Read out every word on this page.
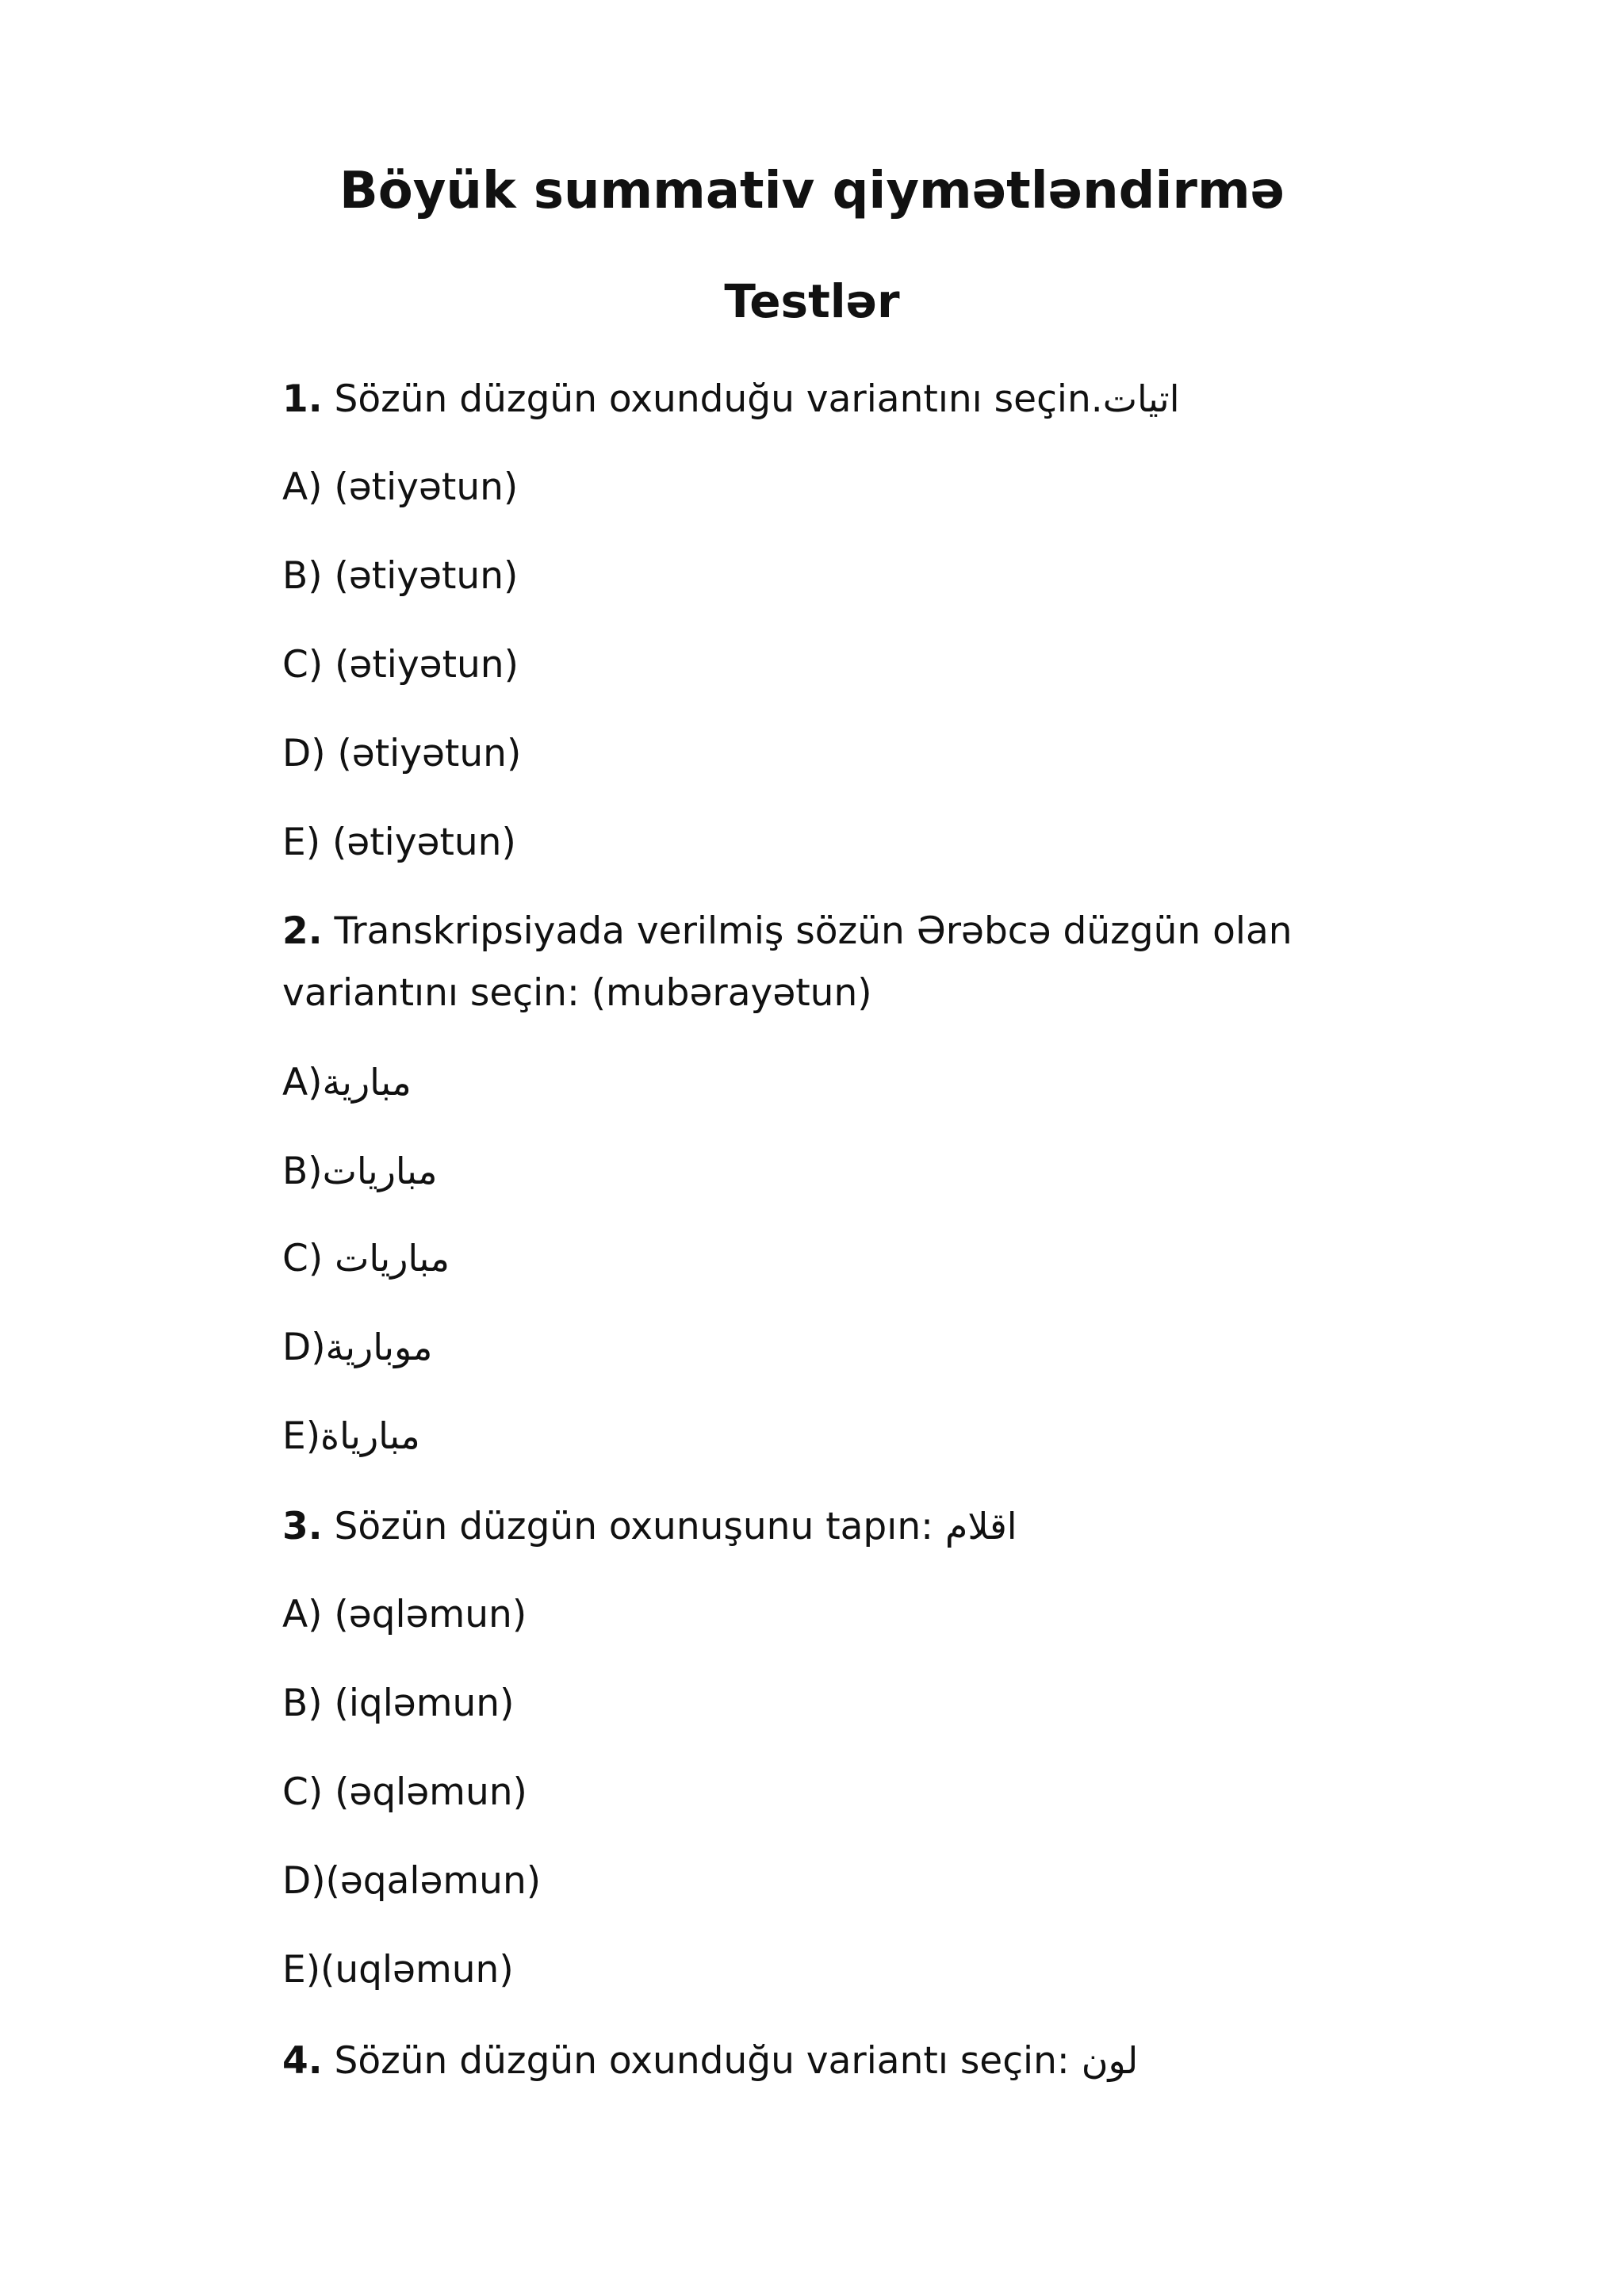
Böyük summativ qiymətləndirmə
Testlər
1. Sözün düzgün oxunduğu variantını seçin.اتيات
A) (ətiyətun)
B) (ətiyətun)
C) (ətiyətun)
D) (ətiyətun)
E) (ətiyətun)
2. Transkripsiyada verilmiş sözün Ərəbcə düzgün olan variantını seçin: (mubərayətun)
A)مبارية
B)مباريات
C) مباريات
D)موبارية
E)مبارياة
3. Sözün düzgün oxunuşunu tapın: اقلام
A) (əqləmun)
B) (iqləmun)
C) (əqləmun)
D)(əqaləmun)
E)(uqləmun)
4. Sözün düzgün oxunduğu variantı seçin: لون
